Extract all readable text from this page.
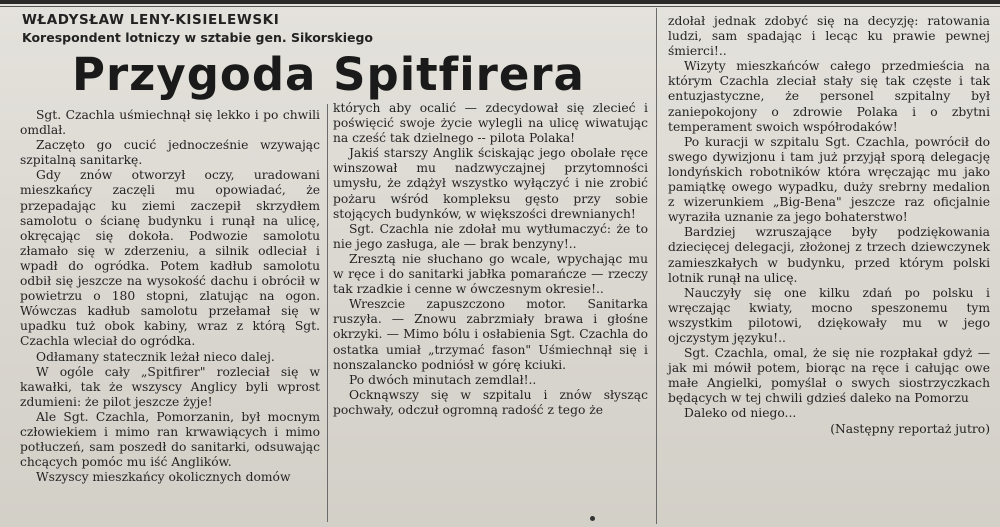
WŁADYSŁAW LENY-KISIELEWSKI
Korespondent lotniczy w sztabie gen. Sikorskiego
Przygoda Spitfirera

Sgt. Czachla uśmiechnął się lekko i po chwili omdlał.

Zaczęto go cucić jednocześnie wzywając szpitalną sanitarkę.

Gdy znów otworzył oczy, uradowani mieszkańcy zaczęli mu opowiadać, że przepadając ku ziemi zaczepił skrzydłem samolotu o ścianę budynku i runął na ulicę, okręcając się dokoła. Podwozie samolotu złamało się w zderzeniu, a silnik odleciał i wpadł do ogródka. Potem kadłub samolotu odbił się jeszcze na wysokość dachu i obrócił w powietrzu o 180 stopni, zlatując na ogon. Wówczas kadłub samolotu przełamał się w upadku tuż obok kabiny, wraz z którą Sgt. Czachla wleciał do ogródka.

Odłamany statecznik leżał nieco dalej.

W ogóle cały „Spitfirer" rozleciał się w kawałki, tak że wszyscy Anglicy byli wprost zdumieni: że pilot jeszcze żyje!

Ale Sgt. Czachla, Pomorzanin, był mocnym człowiekiem i mimo ran krwawiących i mimo potłuczeń, sam poszedł do sanitarki, odsuwając chcących pomóc mu iść Anglików.

Wszyscy mieszkańcy okolicznych domów

których aby ocalić — zdecydował się zlecieć i poświęcić swoje życie wylegli na ulicę wiwatując na cześć tak dzielnego -- pilota Polaka!

Jakiś starszy Anglik ściskając jego obolałe ręce winszował mu nadzwyczajnej przytomności umysłu, że zdążył wszystko wyłączyć i nie zrobić pożaru wśród kompleksu gęsto przy sobie stojących budynków, w większości drewnianych!

Sgt. Czachla nie zdołał mu wytłumaczyć: że to nie jego zasługa, ale — brak benzyny!..

Zresztą nie słuchano go wcale, wpychając mu w ręce i do sanitarki jabłka pomarańcze — rzeczy tak rzadkie i cenne w ówczesnym okresie!..

Wreszcie zapuszczono motor. Sanitarka ruszyła. — Znowu zabrzmiały brawa i głośne okrzyki. — Mimo bólu i osłabienia Sgt. Czachla do ostatka umiał „trzymać fason" Uśmiechnął się i nonszalancko podniósł w górę kciuki.

Po dwóch minutach zemdlał!..

Ocknąwszy się w szpitalu i znów słysząc pochwały, odczuł ogromną radość z tego że

zdołał jednak zdobyć się na decyzję: ratowania ludzi, sam spadając i lecąc ku prawie pewnej śmierci!..

Wizyty mieszkańców całego przedmieścia na którym Czachla zleciał stały się tak częste i tak entuzjastyczne, że personel szpitalny był zaniepokojony o zdrowie Polaka i o zbytni temperament swoich współrodaków!

Po kuracji w szpitalu Sgt. Czachla, powrócił do swego dywizjonu i tam już przyjął sporą delegację londyńskich robotników która wręczając mu jako pamiątkę owego wypadku, duży srebrny medalion z wizerunkiem „Big-Bena" jeszcze raz oficjalnie wyraziła uznanie za jego bohaterstwo!

Bardziej wzruszające były podziękowania dziecięcej delegacji, złożonej z trzech dziewczynek zamieszkałych w budynku, przed którym polski lotnik runął na ulicę.

Nauczyły się one kilku zdań po polsku i wręczając kwiaty, mocno speszonemu tym wszystkim pilotowi, dziękowały mu w jego ojczystym języku!..

Sgt. Czachla, omal, że się nie rozpłakał gdyż — jak mi mówił potem, biorąc na ręce i całując owe małe Angielki, pomyślał o swych siostrzyczkach będących w tej chwili gdzieś daleko na Pomorzu

Daleko od niego...

(Następny reportaż jutro)
